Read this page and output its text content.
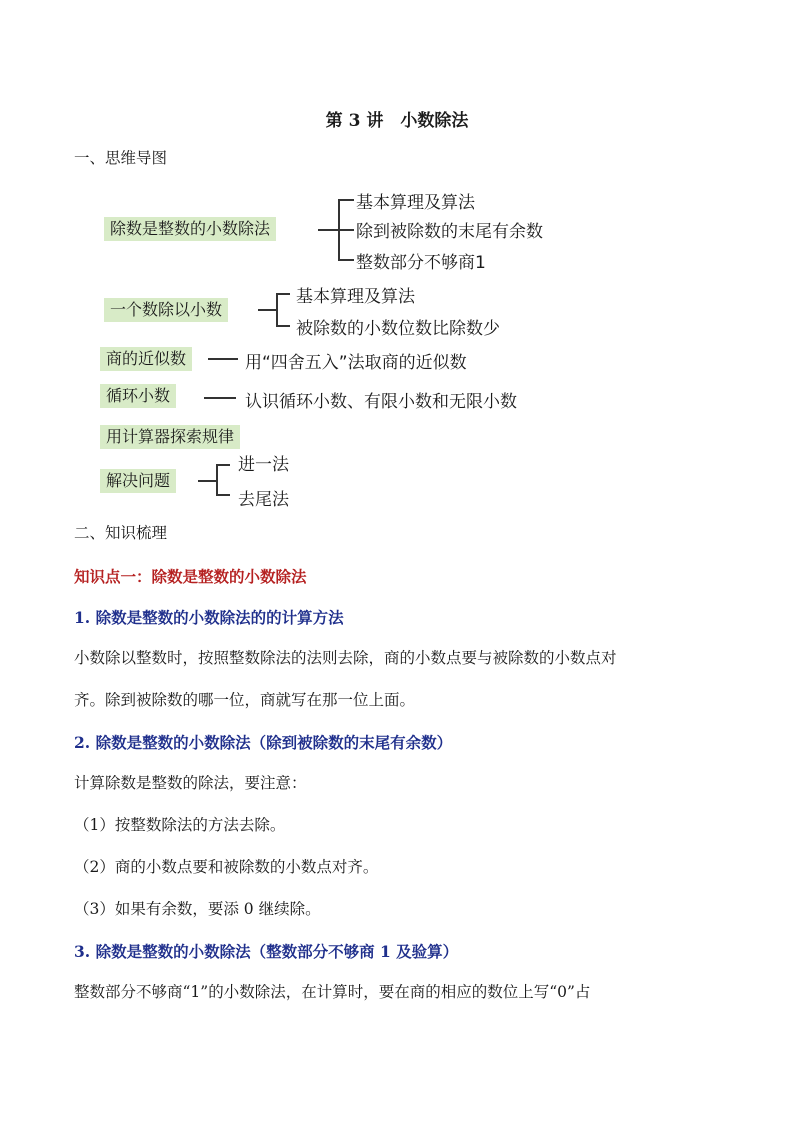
第 3 讲　小数除法
一、思维导图
除数是整数的小数除法
基本算理及算法
除到被除数的末尾有余数
整数部分不够商1
一个数除以小数
基本算理及算法
被除数的小数位数比除数少
商的近似数	用“四舍五入”法取商的近似数
循环小数	认识循环小数、有限小数和无限小数
用计算器探索规律
解决问题
进一法
去尾法
二、知识梳理
知识点一：除数是整数的小数除法
1. 除数是整数的小数除法的的计算方法
小数除以整数时，按照整数除法的法则去除，商的小数点要与被除数的小数点对
齐。除到被除数的哪一位，商就写在那一位上面。
2. 除数是整数的小数除法（除到被除数的末尾有余数）
计算除数是整数的除法，要注意：
（1）按整数除法的方法去除。
（2）商的小数点要和被除数的小数点对齐。
（3）如果有余数，要添 0 继续除。
3. 除数是整数的小数除法（整数部分不够商 1 及验算）
整数部分不够商“1”的小数除法，在计算时，要在商的相应的数位上写“0”占
